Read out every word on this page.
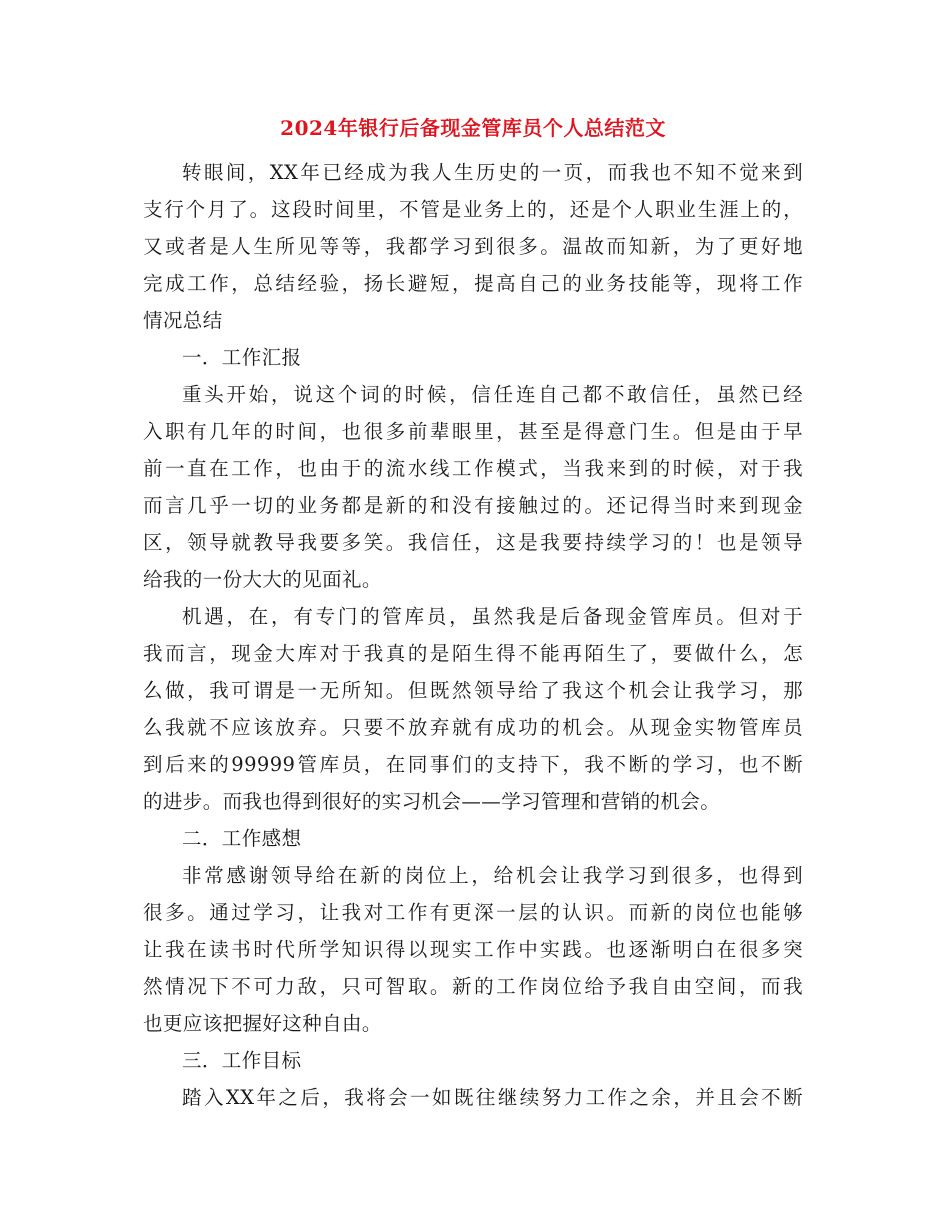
2024年银行后备现金管库员个人总结范文
转眼间，XX年已经成为我人生历史的一页，而我也不知不觉来到
支行个月了。这段时间里，不管是业务上的，还是个人职业生涯上的，
又或者是人生所见等等，我都学习到很多。温故而知新，为了更好地
完成工作，总结经验，扬长避短，提高自己的业务技能等，现将工作
情况总结
一．工作汇报
重头开始，说这个词的时候，信任连自己都不敢信任，虽然已经
入职有几年的时间，也很多前辈眼里，甚至是得意门生。但是由于早
前一直在工作，也由于的流水线工作模式，当我来到的时候，对于我
而言几乎一切的业务都是新的和没有接触过的。还记得当时来到现金
区，领导就教导我要多笑。我信任，这是我要持续学习的！也是领导
给我的一份大大的见面礼。
机遇，在，有专门的管库员，虽然我是后备现金管库员。但对于
我而言，现金大库对于我真的是陌生得不能再陌生了，要做什么，怎
么做，我可谓是一无所知。但既然领导给了我这个机会让我学习，那
么我就不应该放弃。只要不放弃就有成功的机会。从现金实物管库员
到后来的99999管库员，在同事们的支持下，我不断的学习，也不断
的进步。而我也得到很好的实习机会——学习管理和营销的机会。
二．工作感想
非常感谢领导给在新的岗位上，给机会让我学习到很多，也得到
很多。通过学习，让我对工作有更深一层的认识。而新的岗位也能够
让我在读书时代所学知识得以现实工作中实践。也逐渐明白在很多突
然情况下不可力敌，只可智取。新的工作岗位给予我自由空间，而我
也更应该把握好这种自由。
三．工作目标
踏入XX年之后，我将会一如既往继续努力工作之余，并且会不断
